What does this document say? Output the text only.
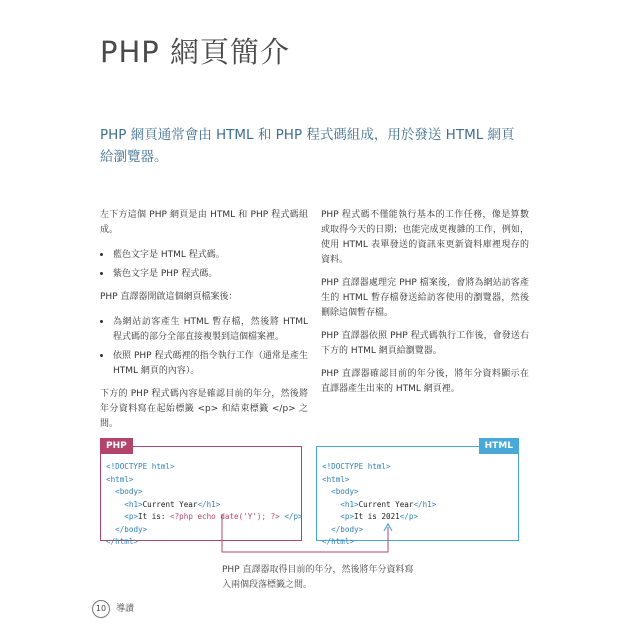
PHP 網頁簡介

PHP 網頁通常會由 HTML 和 PHP 程式碼組成，用於發送 HTML 網頁給瀏覽器。

左下方這個 PHP 網頁是由 HTML 和 PHP 程式碼組成。

• 藍色文字是 HTML 程式碼。
• 紫色文字是 PHP 程式碼。

PHP 直譯器開啟這個網頁檔案後：

• 為網站訪客產生 HTML 暫存檔，然後將 HTML 程式碼的部分全部直接複製到這個檔案裡。
• 依照 PHP 程式碼裡的指令執行工作（通常是產生 HTML 網頁的內容）。

下方的 PHP 程式碼內容是確認目前的年分，然後將年分資料寫在起始標籤 <p> 和結束標籤 </p> 之間。

PHP 程式碼不僅能執行基本的工作任務，像是算數或取得今天的日期；也能完成更複雜的工作，例如，使用 HTML 表單發送的資訊來更新資料庫裡現存的資料。

PHP 直譯器處理完 PHP 檔案後，會將為網站訪客產生的 HTML 暫存檔發送給訪客使用的瀏覽器，然後刪除這個暫存檔。

PHP 直譯器依照 PHP 程式碼執行工作後，會發送右下方的 HTML 網頁給瀏覽器。

PHP 直譯器確認目前的年分後，將年分資料顯示在直譯器產生出來的 HTML 網頁裡。

PHP
<!DOCTYPE html>
<html>
<body>
<h1>Current Year</h1>
<p>It is: <?php echo date('Y'); ?> </p>
</body>
</html>
HTML
<!DOCTYPE html>
<html>
<body>
<h1>Current Year</h1>
<p>It is 2021</p>
</body>
</html>

PHP 直譯器取得目前的年分，然後將年分資料寫入兩個段落標籤之間。

10	導讀
